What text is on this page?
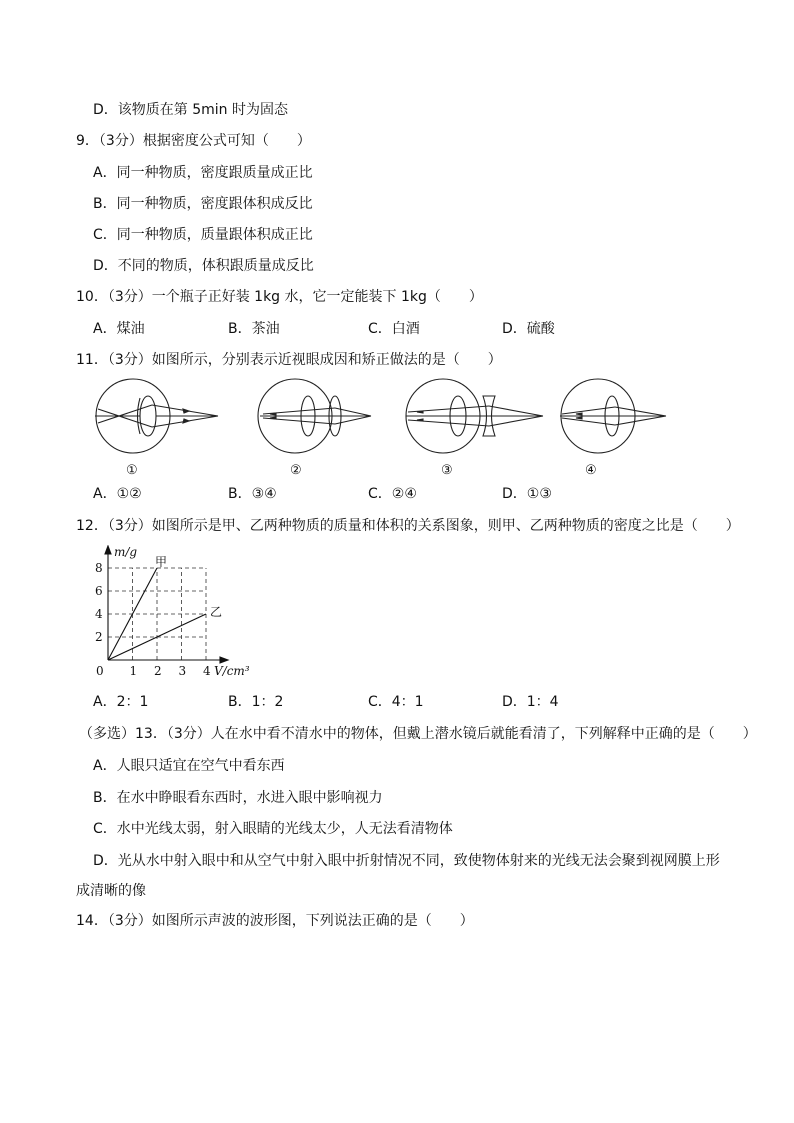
D．该物质在第 5min 时为固态
9．（3分）根据密度公式可知（　　）
A．同一种物质，密度跟质量成正比
B．同一种物质，密度跟体积成反比
C．同一种物质，质量跟体积成正比
D．不同的物质，体积跟质量成反比
10．（3分）一个瓶子正好装 1kg 水，它一定能装下 1kg（　　）
A．煤油	B．茶油	C．白酒	D．硫酸
11．（3分）如图所示，分别表示近视眼成因和矫正做法的是（　　）
①	②	③	④
A．①②	B．③④	C．②④	D．①③
12．（3分）如图所示是甲、乙两种物质的质量和体积的关系图象，则甲、乙两种物质的密度之比是（　　）
甲
乙
0 1 2 3 4
2
4
6
8
m/g
V/cm³
A．2：1	B．1：2	C．4：1	D．1：4
（多选）13．（3分）人在水中看不清水中的物体，但戴上潜水镜后就能看清了，下列解释中正确的是（　　）
A．人眼只适宜在空气中看东西
B．在水中睁眼看东西时，水进入眼中影响视力
C．水中光线太弱，射入眼睛的光线太少，人无法看清物体
D．光从水中射入眼中和从空气中射入眼中折射情况不同，致使物体射来的光线无法会聚到视网膜上形
成清晰的像
14．（3分）如图所示声波的波形图，下列说法正确的是（　　）
